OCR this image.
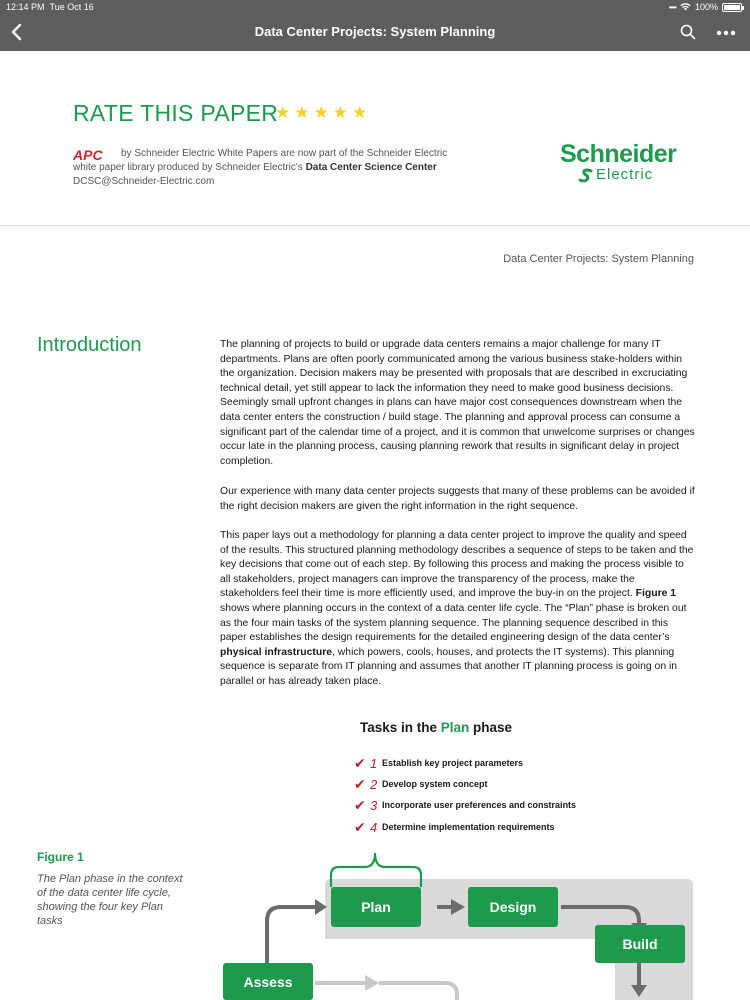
12:14 PM Tue Oct 16	•••• 100%
Data Center Projects: System Planning
RATE THIS PAPER
★ ★ ★ ★ ★
APC by Schneider Electric White Papers are now part of the Schneider Electric
white paper library produced by Schneider Electric's Data Center Science Center
DCSC@Schneider-Electric.com
Schneider
Electric
Data Center Projects: System Planning
Introduction	The planning of projects to build or upgrade data centers remains a major challenge for many IT departments. Plans are often poorly communicated among the various business stake-holders within the organization. Decision makers may be presented with proposals that are described in excruciating technical detail, yet still appear to lack the information they need to make good business decisions. Seemingly small upfront changes in plans can have major cost consequences downstream when the data center enters the construction / build stage. The planning and approval process can consume a significant part of the calendar time of a project, and it is common that unwelcome surprises or changes occur late in the planning process, causing planning rework that results in significant delay in project completion.

Our experience with many data center projects suggests that many of these problems can be avoided if the right decision makers are given the right information in the right sequence.

This paper lays out a methodology for planning a data center project to improve the quality and speed of the results. This structured planning methodology describes a sequence of steps to be taken and the key decisions that come out of each step. By following this process and making the process visible to all stakeholders, project managers can improve the transparency of the process, make the stakeholders feel their time is more efficiently used, and improve the buy-in on the project. Figure 1 shows where planning occurs in the context of a data center life cycle. The “Plan” phase is broken out as the four main tasks of the system planning sequence. The planning sequence described in this paper establishes the design requirements for the detailed engineering design of the data center’s physical infrastructure, which powers, cools, houses, and protects the IT systems). This planning sequence is separate from IT planning and assumes that another IT planning process is going on in parallel or has already taken place.

Tasks in the Plan phase
✔ 1 Establish key project parameters
✔ 2 Develop system concept
✔ 3 Incorporate user preferences and constraints
✔ 4 Determine implementation requirements
Figure 1
The Plan phase in the context of the data center life cycle, showing the four key Plan tasks
Plan	Design
Build
Assess
